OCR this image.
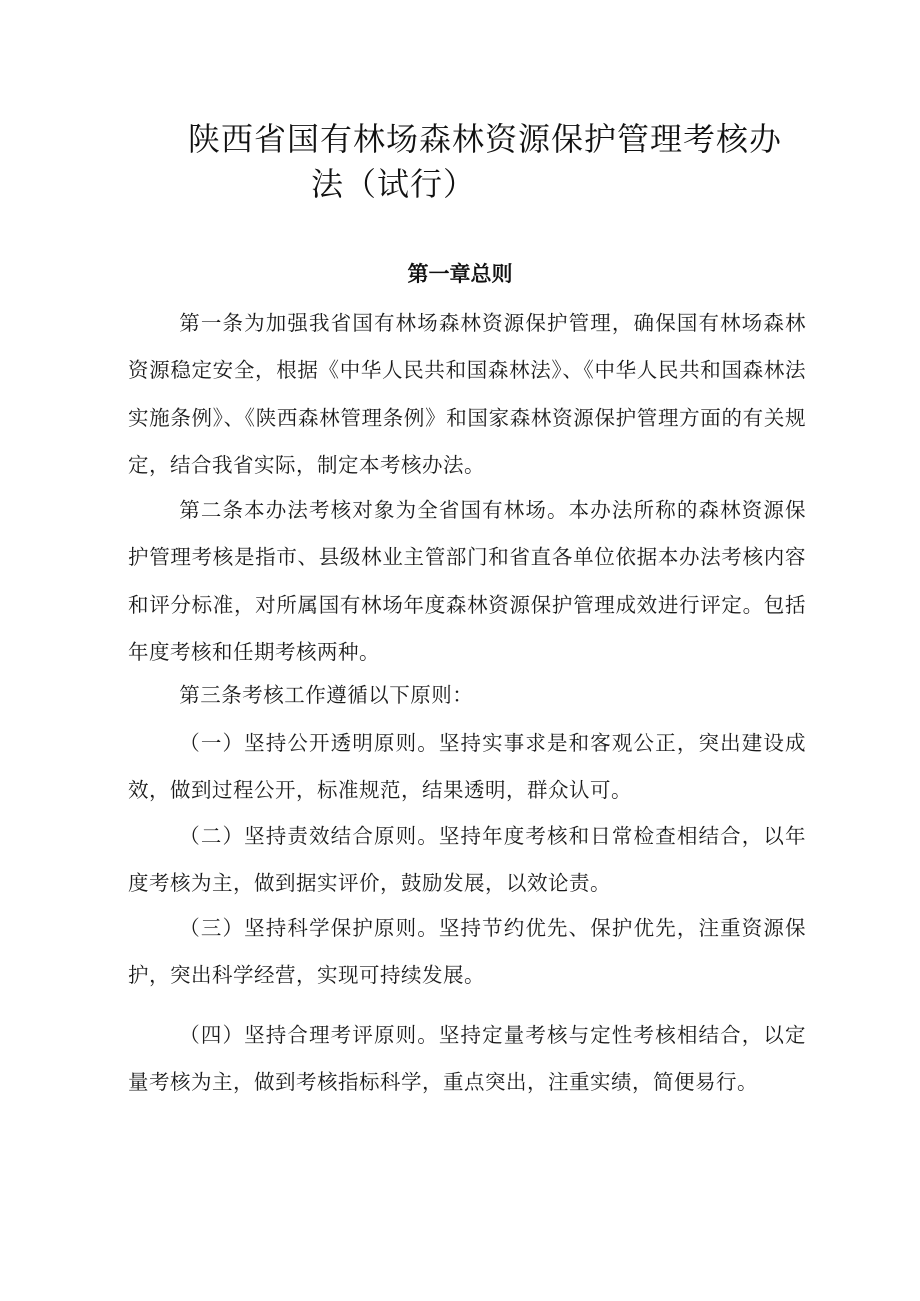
陕西省国有林场森林资源保护管理考核办
法（试行）
第一章总则

第一条为加强我省国有林场森林资源保护管理，确保国有林场森林资源稳定安全，根据《中华人民共和国森林法》、《中华人民共和国森林法实施条例》、《陕西森林管理条例》和国家森林资源保护管理方面的有关规定，结合我省实际，制定本考核办法。

第二条本办法考核对象为全省国有林场。本办法所称的森林资源保护管理考核是指市、县级林业主管部门和省直各单位依据本办法考核内容和评分标准，对所属国有林场年度森林资源保护管理成效进行评定。包括年度考核和任期考核两种。

第三条考核工作遵循以下原则：

（一）坚持公开透明原则。坚持实事求是和客观公正，突出建设成效，做到过程公开，标准规范，结果透明，群众认可。

（二）坚持责效结合原则。坚持年度考核和日常检查相结合，以年度考核为主，做到据实评价，鼓励发展，以效论责。

（三）坚持科学保护原则。坚持节约优先、保护优先，注重资源保护，突出科学经营，实现可持续发展。

（四）坚持合理考评原则。坚持定量考核与定性考核相结合，以定量考核为主，做到考核指标科学，重点突出，注重实绩，简便易行。
